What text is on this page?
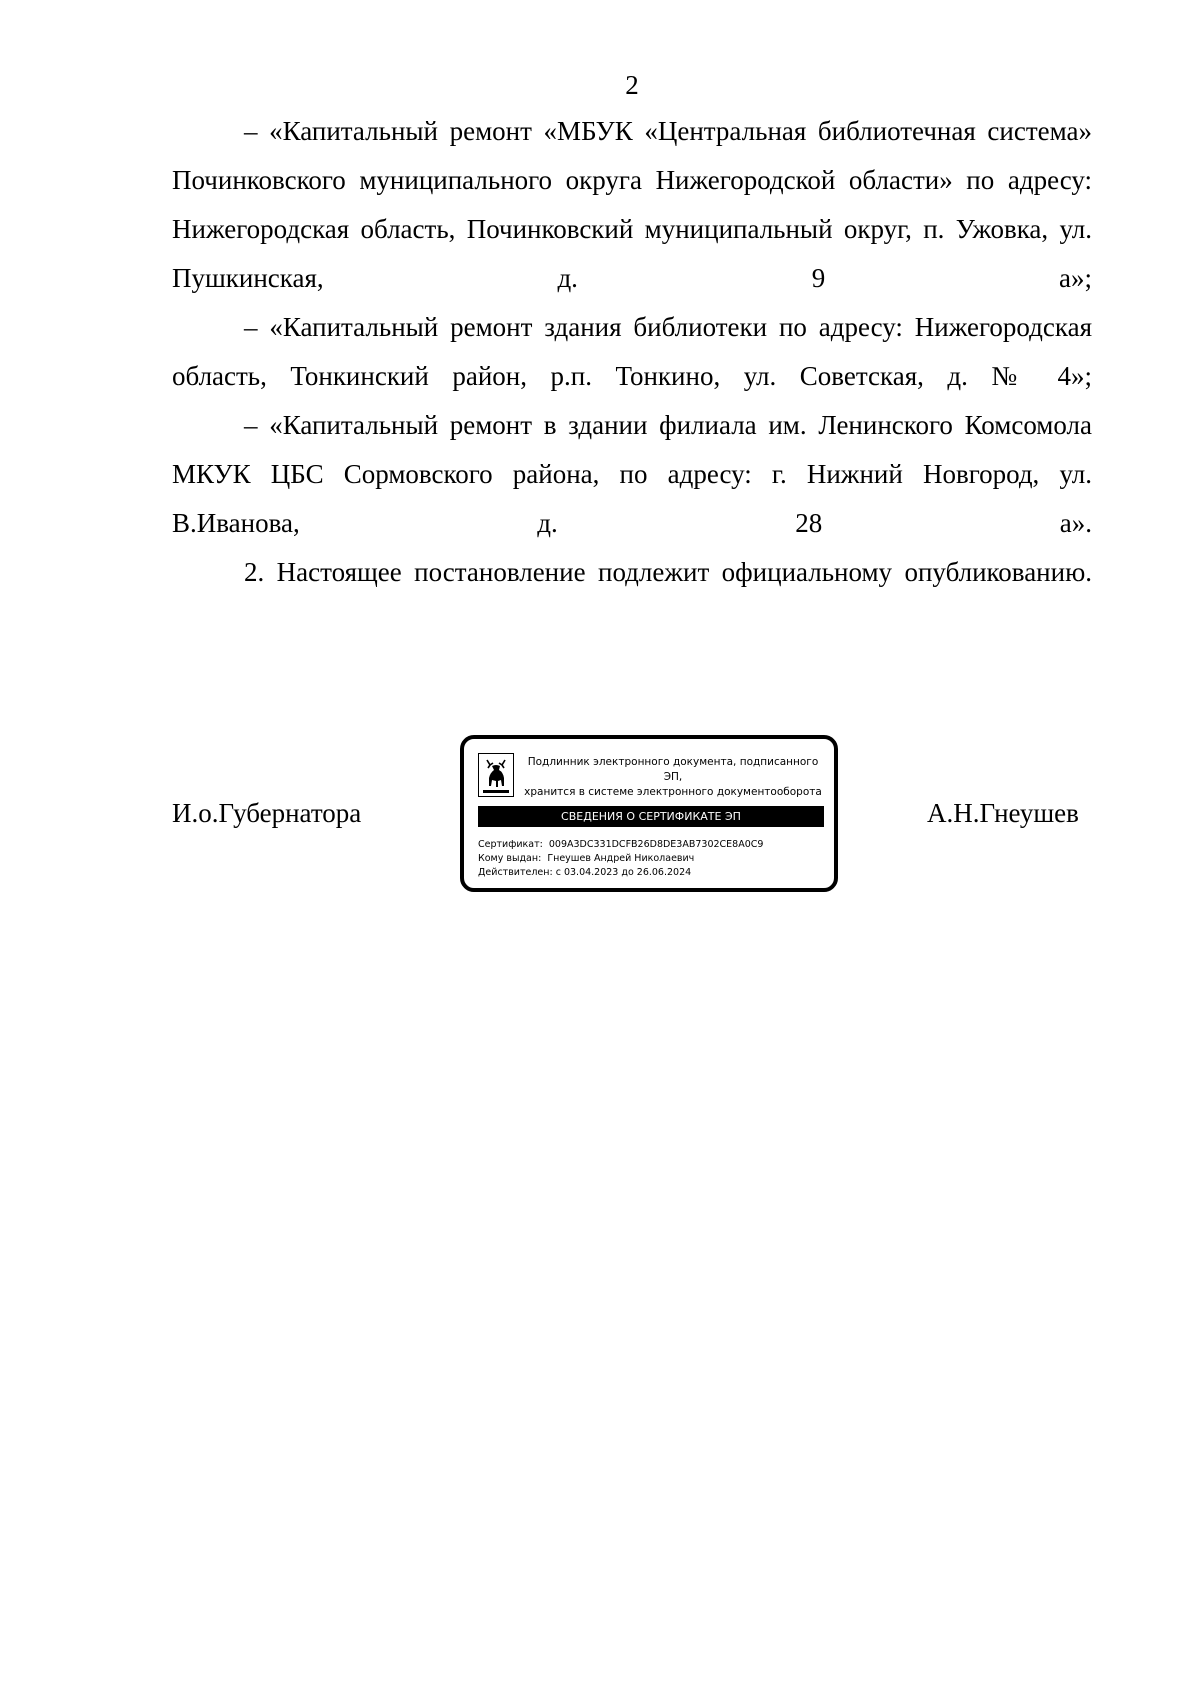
2

– «Капитальный ремонт «МБУК «Центральная библиотечная система» Починковского муниципального округа Нижегородской области» по адресу: Нижегородская область, Починковский муниципальный округ, п. Ужовка, ул. Пушкинская, д. 9 а»;

– «Капитальный ремонт здания библиотеки по адресу: Нижегородская область, Тонкинский район, р.п. Тонкино, ул. Советская, д. № 4»;

– «Капитальный ремонт в здании филиала им. Ленинского Комсомола МКУК ЦБС Сормовского района, по адресу: г. Нижний Новгород, ул. В.Иванова, д. 28 а».

2. Настоящее постановление подлежит официальному опубликованию.

И.о.Губернатора
Подлинник электронного документа, подписанного ЭП,
хранится в системе электронного документооборота
СВЕДЕНИЯ О СЕРТИФИКАТЕ ЭП
Сертификат: 009A3DC331DCFB26D8DE3AB7302CE8A0C9
Кому выдан: Гнеушев Андрей Николаевич
Действителен: с 03.04.2023 до 26.06.2024
А.Н.Гнеушев
